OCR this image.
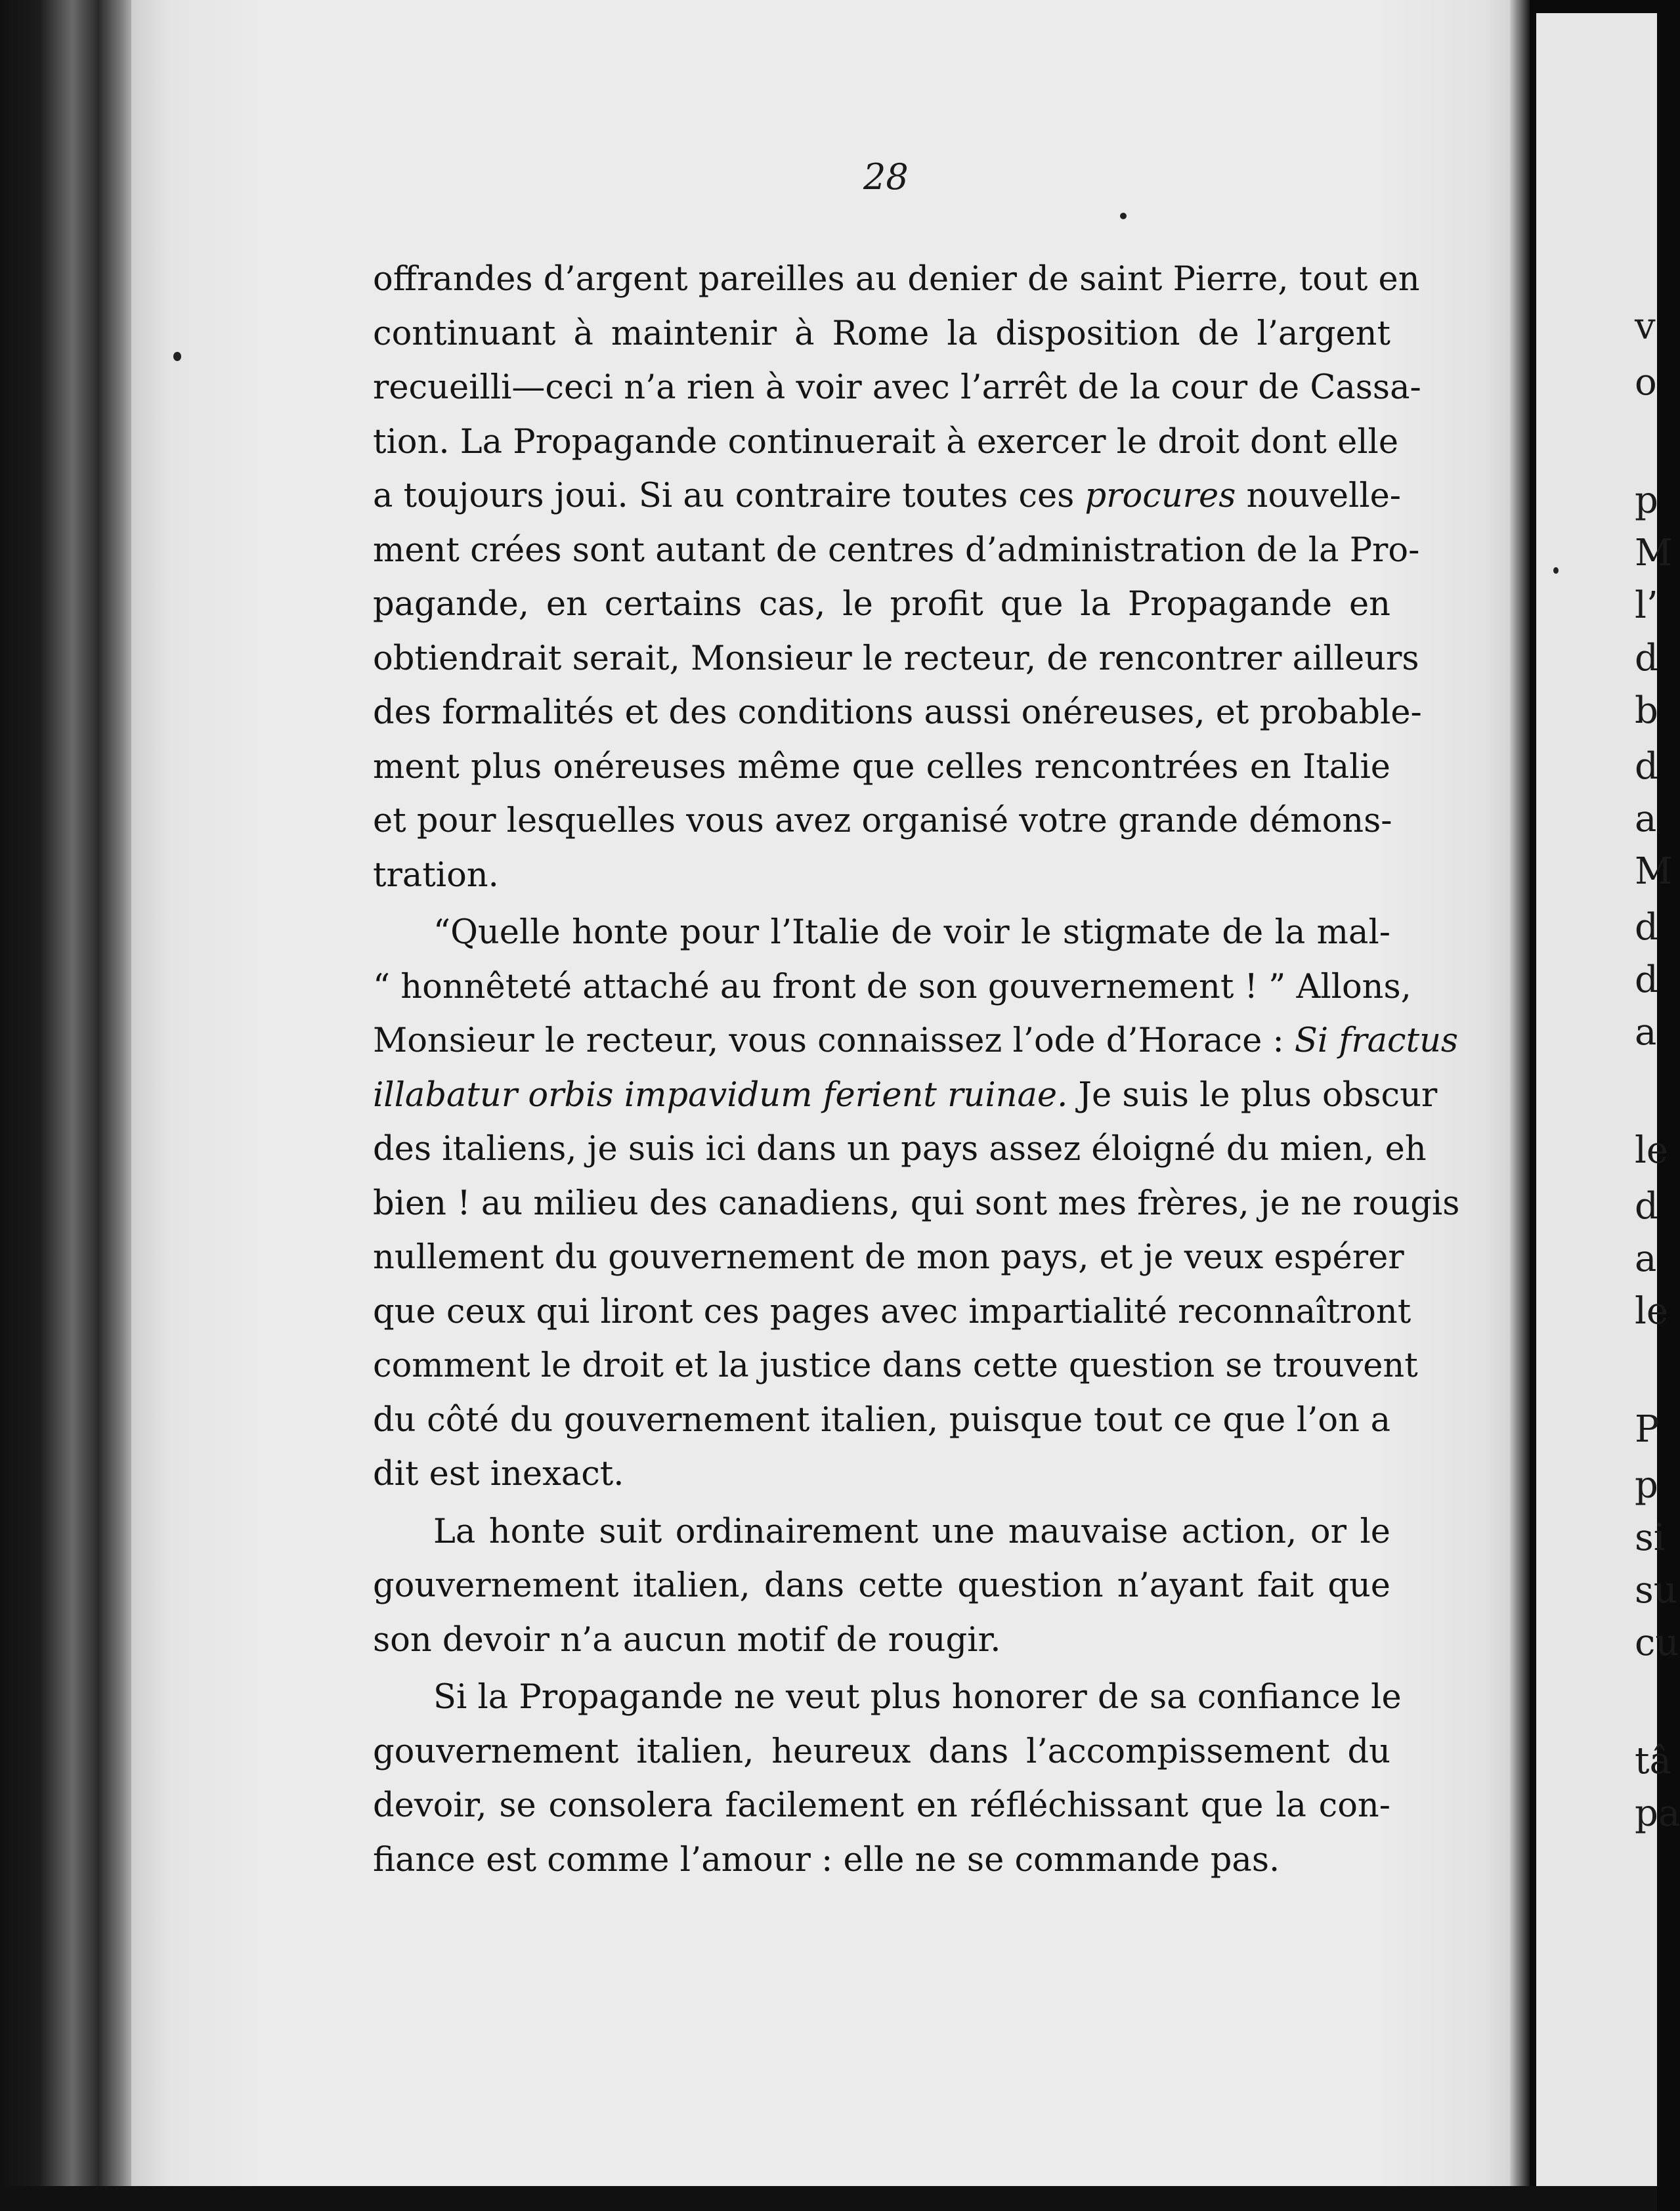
v
o
p
M
l’
d
b
d
a
M
d
d
a
le
d
a
le
P
p
si
su
cu
tâ
pa

28

offrandes d’argent pareilles au denier de saint Pierre, tout en
continuant à maintenir à Rome la disposition de l’argent
recueilli—ceci n’a rien à voir avec l’arrêt de la cour de Cassa-
tion. La Propagande continuerait à exercer le droit dont elle
a toujours joui. Si au contraire toutes ces procures nouvelle-
ment crées sont autant de centres d’administration de la Pro-
pagande, en certains cas, le profit que la Propagande en
obtiendrait serait, Monsieur le recteur, de rencontrer ailleurs
des formalités et des conditions aussi onéreuses, et probable-
ment plus onéreuses même que celles rencontrées en Italie
et pour lesquelles vous avez organisé votre grande démons-
tration.

“Quelle honte pour l’Italie de voir le stigmate de la mal-
“ honnêteté attaché au front de son gouvernement ! ” Allons,
Monsieur le recteur, vous connaissez l’ode d’Horace : Si fractus
illabatur orbis impavidum ferient ruinae. Je suis le plus obscur
des italiens, je suis ici dans un pays assez éloigné du mien, eh
bien ! au milieu des canadiens, qui sont mes frères, je ne rougis
nullement du gouvernement de mon pays, et je veux espérer
que ceux qui liront ces pages avec impartialité reconnaîtront
comment le droit et la justice dans cette question se trouvent
du côté du gouvernement italien, puisque tout ce que l’on a
dit est inexact.

La honte suit ordinairement une mauvaise action, or le
gouvernement italien, dans cette question n’ayant fait que
son devoir n’a aucun motif de rougir.

Si la Propagande ne veut plus honorer de sa confiance le
gouvernement italien, heureux dans l’accompissement du
devoir, se consolera facilement en réfléchissant que la con-
fiance est comme l’amour : elle ne se commande pas.
